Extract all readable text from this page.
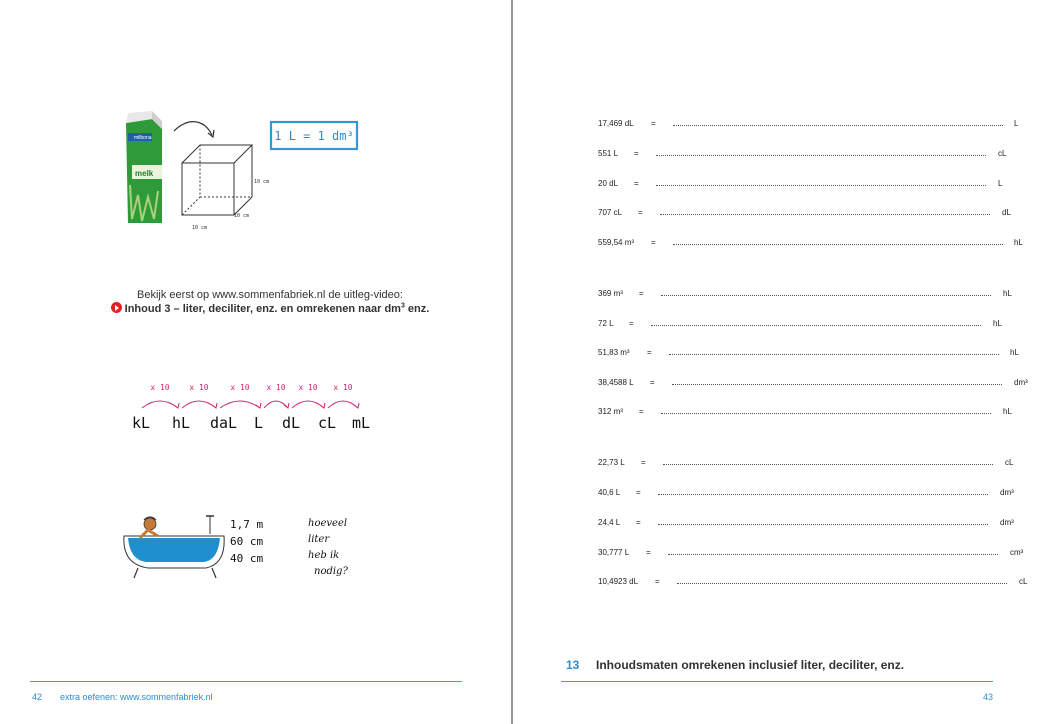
milbona
melk
10 cm
10 cm
10 cm
1 L = 1 dm³
Bekijk eerst op www.sommenfabriek.nl de uitleg-video:
Inhoud 3 – liter, deciliter, enz. en omrekenen naar $dm^3$ enz.
x 10 x 10	x 10 x 10 x 10 x 10
kL hL daL L dL cL mL
1,7 m
60 cm
40 cm
hoeveel
liter
heb ik
nodig?
42 extra oefenen: www.sommenfabriek.nl
17,469 dL =	L
551 L =	cL
20 dL =	L
707 cL =	dL
559,54 m³ =	hL
369 m³ =	hL
72 L =	hL
51,83 m³ =	hL
38,4588 L =	dm³
312 m³ =	hL
22,73 L =	cL
40,6 L =	dm³
24,4 L =	dm³
30,777 L =	cm³
10,4923 dL =	cL
43
13 Inhoudsmaten omrekenen inclusief liter, deciliter, enz.
